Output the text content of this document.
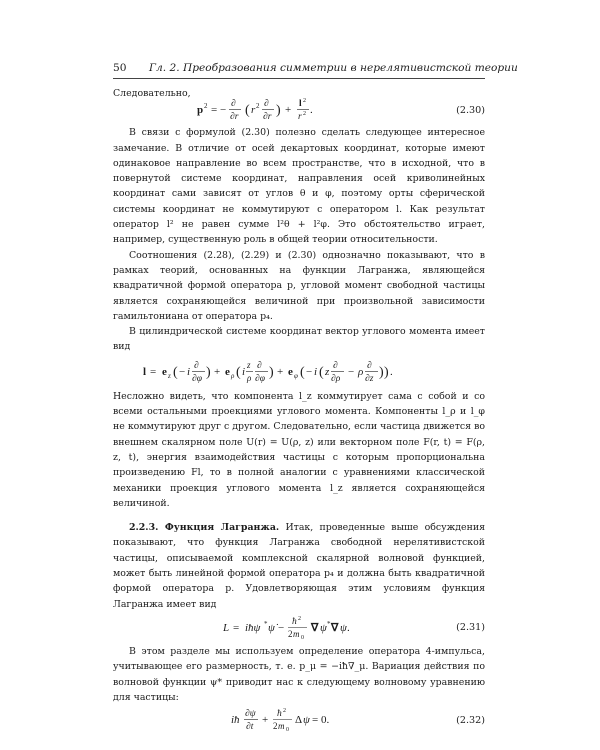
50 Гл. 2. Преобразования симметрии в нерелятивистской теории

Следовательно,

p 2 = − ∂
∂r ( r 2 ∂
∂r ) + l 2
r 2 .	(2.30)

В связи с формулой (2.30) полезно сделать следующее интересное замечание. В отличие от осей декартовых координат, которые имеют одинаковое направление во всем пространстве, что в исходной, что в повернутой системе координат, направления осей криволинейных координат сами зависят от углов θ и φ, поэтому орты сферической системы координат не коммутируют с оператором l. Как результат оператор l² не равен сумме l²θ + l²φ. Это обстоятельство играет, например, существенную роль в общей теории относительности.

Соотношения (2.28), (2.29) и (2.30) однозначно показывают, что в рамках теорий, основанных на функции Лагранжа, являющейся квадратичной формой оператора p, угловой момент свободной частицы является сохраняющейся величиной при произвольной зависимости гамильтониана от оператора p₄.

В цилиндрической системе координат вектор углового момента имеет вид

l = e z ( − i ∂
∂φ ) + e ρ ( i
z
ρ
∂
∂φ ) + e φ ( − i ( z ∂
∂ρ
− ρ ∂
∂z ) ) .

Несложно видеть, что компонента l_z коммутирует сама с собой и со всеми остальными проекциями углового момента. Компоненты l_ρ и l_φ не коммутируют друг с другом. Следовательно, если частица движется во внешнем скалярном поле U(r) = U(ρ, z) или векторном поле F(r, t) = F(ρ, z, t), энергия взаимодействия частицы с которым пропорциональна произведению Fl, то в полной аналогии с уравнениями классической механики проекция углового момента l_z является сохраняющейся величиной.

2.2.3. Функция Лагранжа. Итак, проведенные выше обсуждения показывают, что функция Лагранжа свободной нерелятивистской частицы, описываемой комплексной скалярной волновой функцией, может быть линейной формой оператора p₄ и должна быть квадратичной формой оператора p. Удовлетворяющая этим условиям функция Лагранжа имеет вид

L = iħψ * ψ̇ − ħ 2
2 m 0
∇ ψ * ∇ ψ .	(2.31)

В этом разделе мы используем определение оператора 4-импульса, учитывающее его размерность, т. е. p_μ = −iħ∇_μ. Вариация действия по волновой функции ψ* приводит нас к следующему волновому уравнению для частицы:

iħ ∂ψ
∂t
+ ħ 2
2 m 0
Δ ψ = 0.	(2.32)
